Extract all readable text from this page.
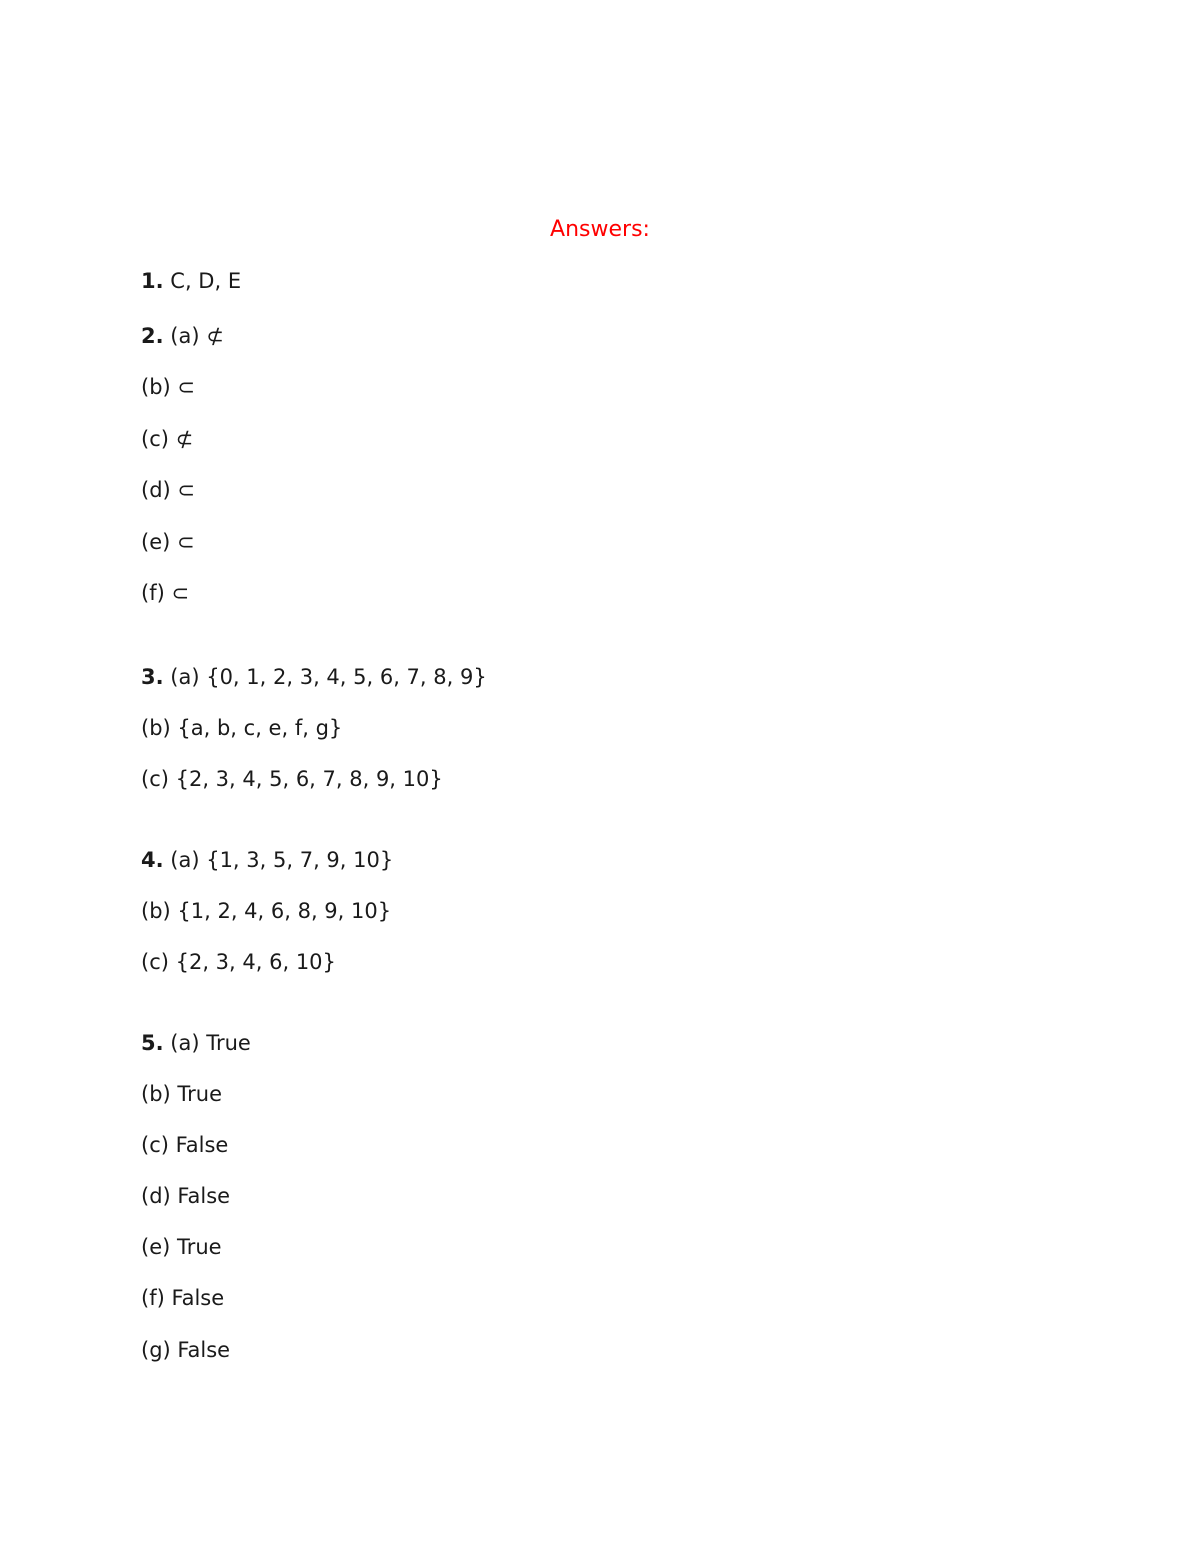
Answers:
1. C, D, E
2. (a) ⊄
(b) ⊂
(c) ⊄
(d) ⊂
(e) ⊂
(f) ⊂
3. (a) {0, 1, 2, 3, 4, 5, 6, 7, 8, 9}
(b) {a, b, c, e, f, g}
(c) {2, 3, 4, 5, 6, 7, 8, 9, 10}
4. (a) {1, 3, 5, 7, 9, 10}
(b) {1, 2, 4, 6, 8, 9, 10}
(c) {2, 3, 4, 6, 10}
5. (a) True
(b) True
(c) False
(d) False
(e) True
(f) False
(g) False
